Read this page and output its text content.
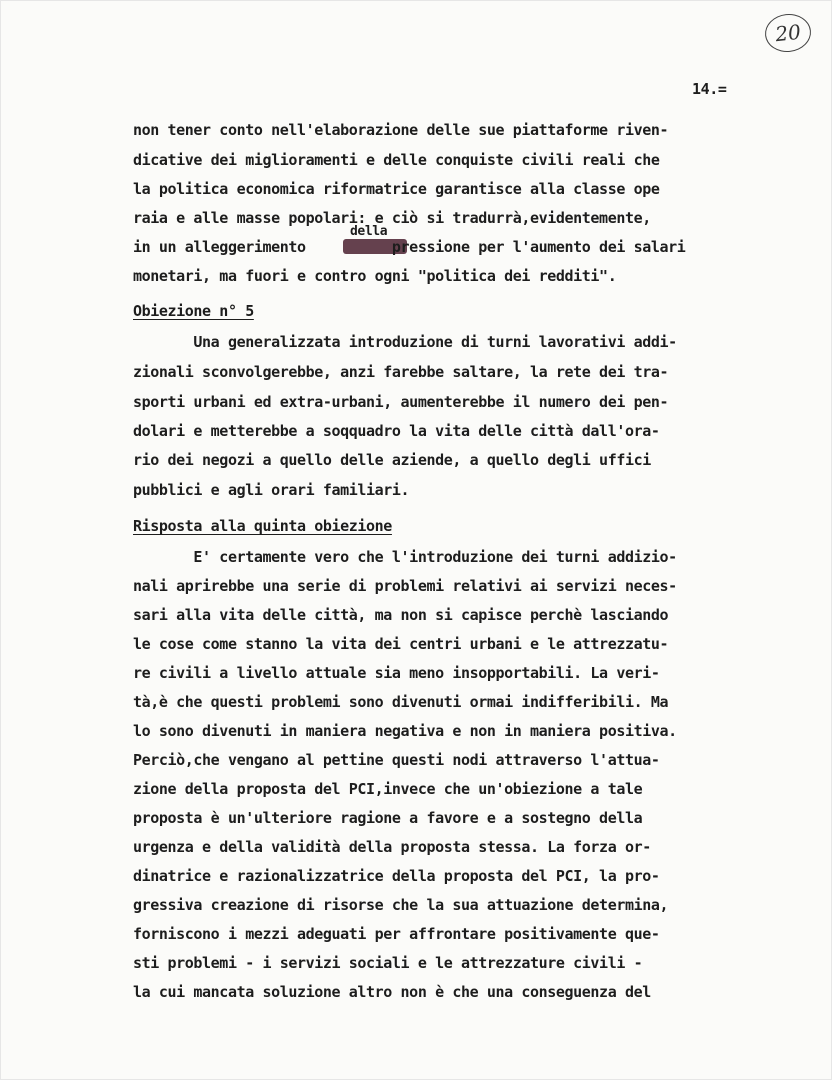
20
14.=
non tener conto nell'elaborazione delle sue piattaforme riven-
dicative dei miglioramenti e delle conquiste civili reali che
la politica economica riformatrice garantisce alla classe ope
raia e alle masse popolari: e ciò si tradurrà,evidentemente,
della
in un alleggerimento          pressione per l'aumento dei salari
monetari, ma fuori e contro ogni "politica dei redditi".
Obiezione n° 5
Una generalizzata introduzione di turni lavorativi addi-
zionali sconvolgerebbe, anzi farebbe saltare, la rete dei tra-
sporti urbani ed extra-urbani, aumenterebbe il numero dei pen-
dolari e metterebbe a soqquadro la vita delle città dall'ora-
rio dei negozi a quello delle aziende, a quello degli uffici
pubblici e agli orari familiari.
Risposta alla quinta obiezione
E' certamente vero che l'introduzione dei turni addizio-
nali aprirebbe una serie di problemi relativi ai servizi neces-
sari alla vita delle città, ma non si capisce perchè lasciando
le cose come stanno la vita dei centri urbani e le attrezzatu-
re civili a livello attuale sia meno insopportabili. La veri-
tà,è che questi problemi sono divenuti ormai indifferibili. Ma
lo sono divenuti in maniera negativa e non in maniera positiva.
Perciò,che vengano al pettine questi nodi attraverso l'attua-
zione della proposta del PCI,invece che un'obiezione a tale
proposta è un'ulteriore ragione a favore e a sostegno della
urgenza e della validità della proposta stessa. La forza or-
dinatrice e razionalizzatrice della proposta del PCI, la pro-
gressiva creazione di risorse che la sua attuazione determina,
forniscono i mezzi adeguati per affrontare positivamente que-
sti problemi - i servizi sociali e le attrezzature civili -
la cui mancata soluzione altro non è che una conseguenza del
